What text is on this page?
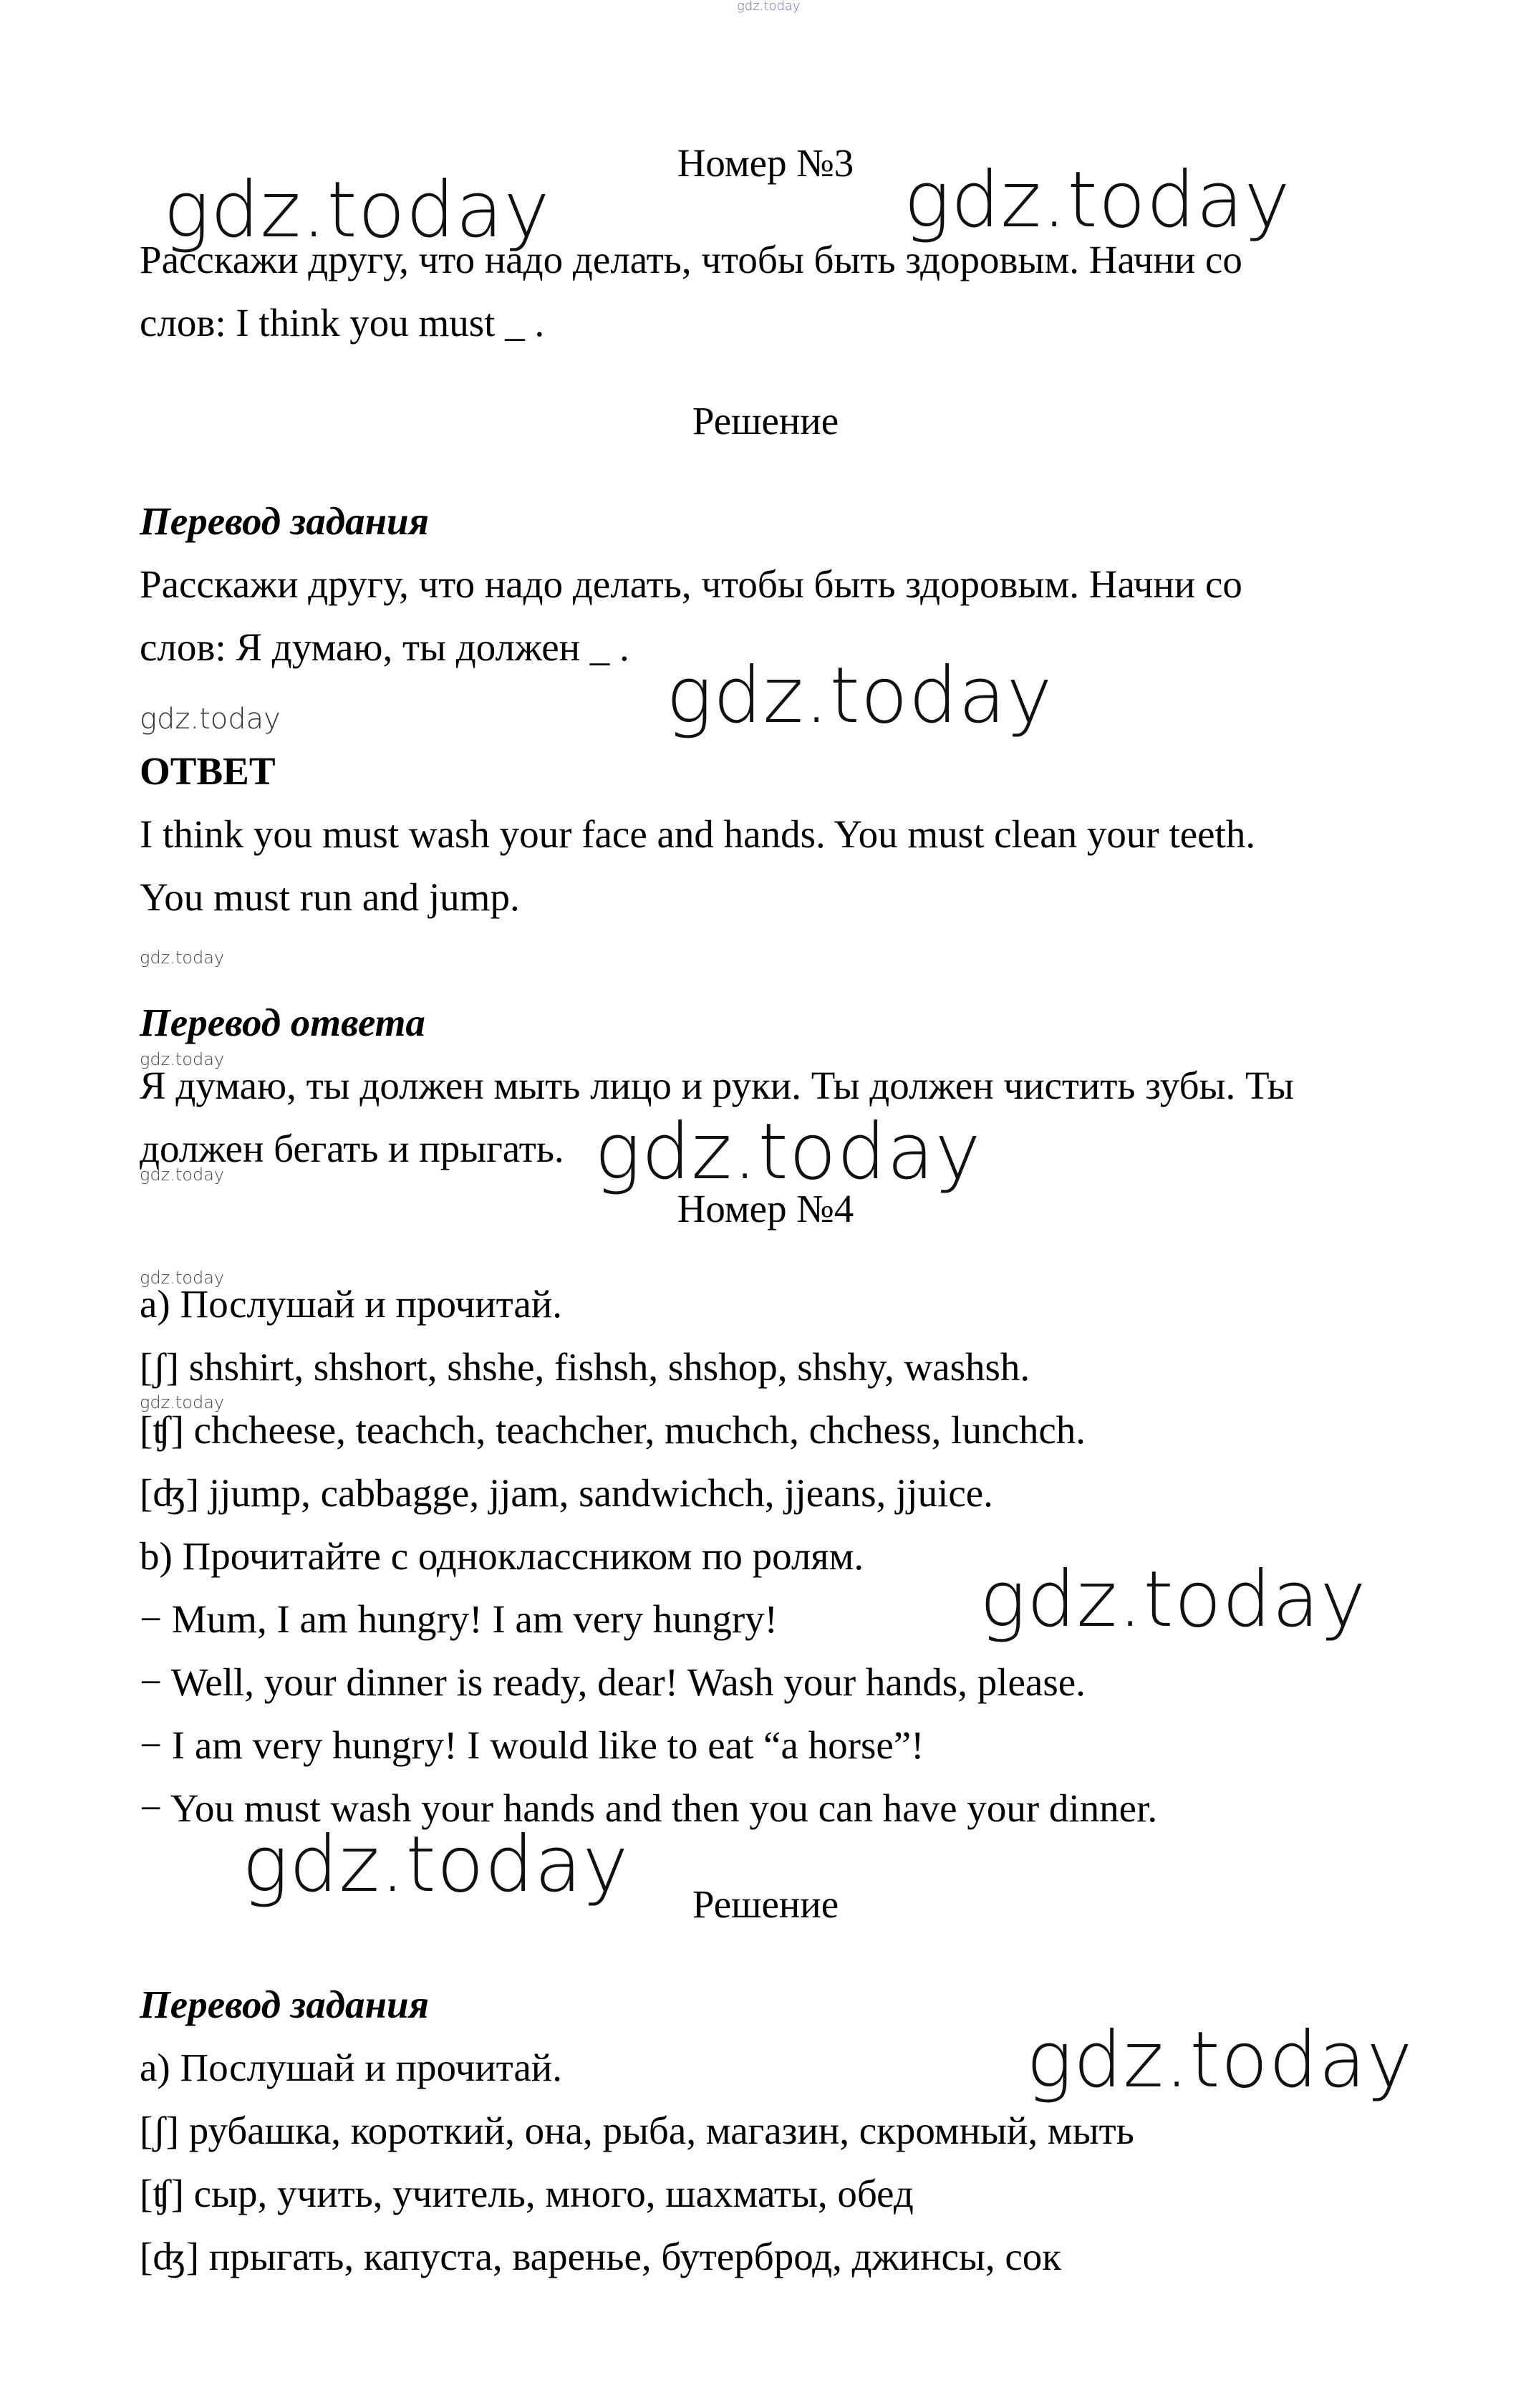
gdz.today
Номер №3
gdz.today	gdz.today
Расскажи другу, что надо делать, чтобы быть здоровым. Начни со
слов: I think you must _ .
Решение
Перевод задания
Расскажи другу, что надо делать, чтобы быть здоровым. Начни со
слов: Я думаю, ты должен _ .
gdz.today	gdz.today
ОТВЕТ
I think you must wash your face and hands. You must clean your teeth.
You must run and jump.
gdz.today
Перевод ответа
gdz.today
Я думаю, ты должен мыть лицо и руки. Ты должен чистить зубы. Ты
должен бегать и прыгать. gdz.today
gdz.today
Номер №4
gdz.today
a) Послушай и прочитай.
[ʃ] shshirt, shshort, shshe, fishsh, shshop, shshy, washsh.
gdz.today
[ʧ] chcheese, teachch, teachcher, muchch, chchess, lunchch.
[ʤ] jjump, cabbagge, jjam, sandwichch, jjeans, jjuice.
b) Прочитайте с одноклассником по ролям.
− Mum, I am hungry! I am very hungry!	gdz.today
− Well, your dinner is ready, dear! Wash your hands, please.
− I am very hungry! I would like to eat “a horse”!
− You must wash your hands and then you can have your dinner.
gdz.today	Решение
Перевод задания
a) Послушай и прочитай.	gdz.today
[ʃ] рубашка, короткий, она, рыба, магазин, скромный, мыть
[ʧ] сыр, учить, учитель, много, шахматы, обед
[ʤ] прыгать, капуста, варенье, бутерброд, джинсы, сок
